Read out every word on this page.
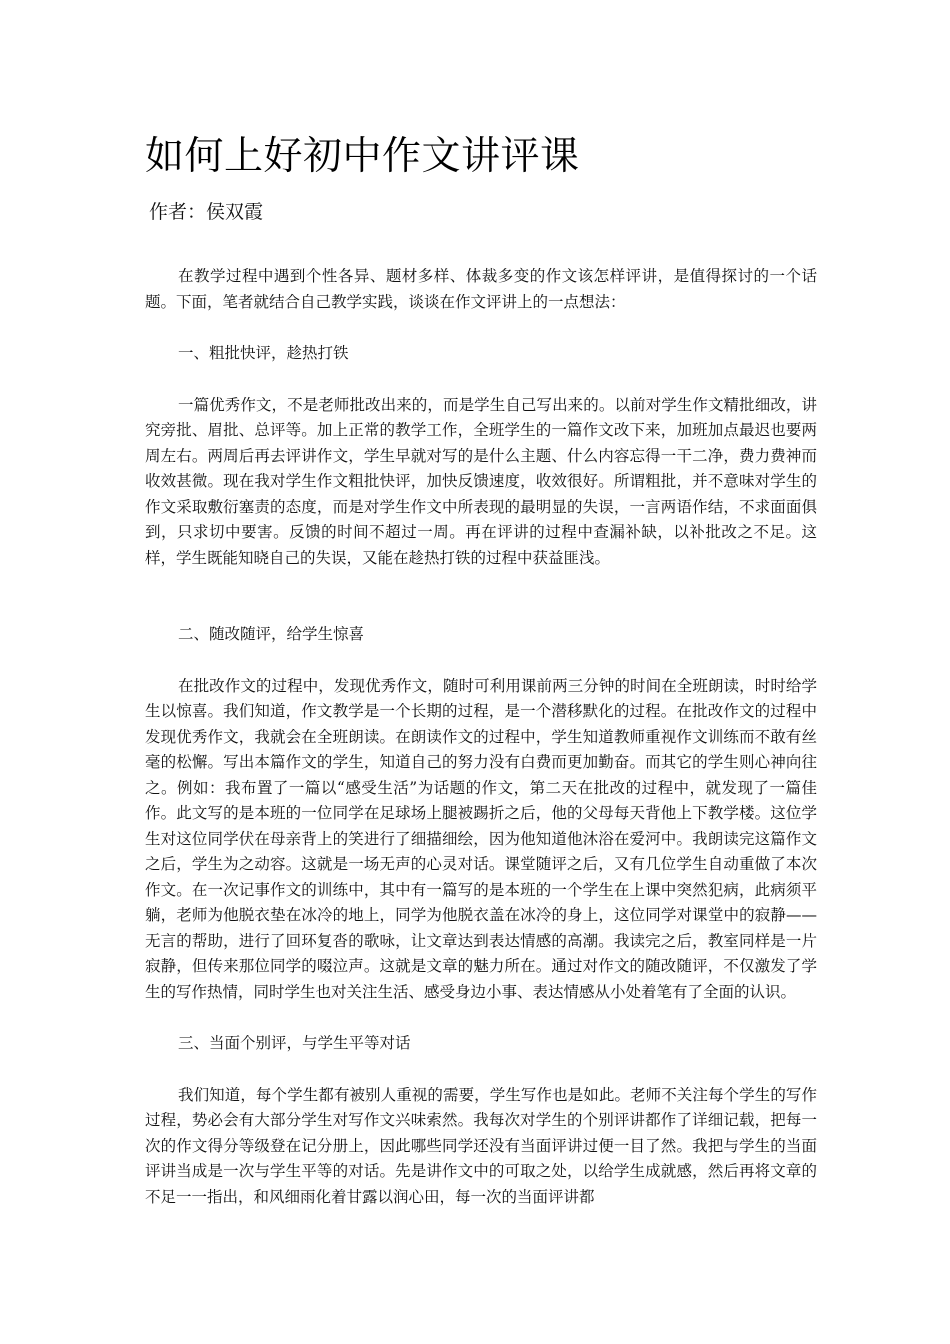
如何上好初中作文讲评课

作者：侯双霞

在教学过程中遇到个性各异、题材多样、体裁多变的作文该怎样评讲，是值得探讨的一个话题。下面，笔者就结合自己教学实践，谈谈在作文评讲上的一点想法：

一、粗批快评，趁热打铁

一篇优秀作文，不是老师批改出来的，而是学生自己写出来的。以前对学生作文精批细改，讲究旁批、眉批、总评等。加上正常的教学工作，全班学生的一篇作文改下来，加班加点最迟也要两周左右。两周后再去评讲作文，学生早就对写的是什么主题、什么内容忘得一干二净，费力费神而收效甚微。现在我对学生作文粗批快评，加快反馈速度，收效很好。所谓粗批，并不意味对学生的作文采取敷衍塞责的态度，而是对学生作文中所表现的最明显的失误，一言两语作结，不求面面俱到，只求切中要害。反馈的时间不超过一周。再在评讲的过程中查漏补缺，以补批改之不足。这样，学生既能知晓自己的失误，又能在趁热打铁的过程中获益匪浅。

二、随改随评，给学生惊喜

在批改作文的过程中，发现优秀作文，随时可利用课前两三分钟的时间在全班朗读，时时给学生以惊喜。我们知道，作文教学是一个长期的过程，是一个潜移默化的过程。在批改作文的过程中发现优秀作文，我就会在全班朗读。在朗读作文的过程中，学生知道教师重视作文训练而不敢有丝毫的松懈。写出本篇作文的学生，知道自己的努力没有白费而更加勤奋。而其它的学生则心神向往之。例如：我布置了一篇以“感受生活”为话题的作文，第二天在批改的过程中，就发现了一篇佳作。此文写的是本班的一位同学在足球场上腿被踢折之后，他的父母每天背他上下教学楼。这位学生对这位同学伏在母亲背上的笑进行了细描细绘，因为他知道他沐浴在爱河中。我朗读完这篇作文之后，学生为之动容。这就是一场无声的心灵对话。课堂随评之后，又有几位学生自动重做了本次作文。在一次记事作文的训练中，其中有一篇写的是本班的一个学生在上课中突然犯病，此病须平躺，老师为他脱衣垫在冰冷的地上，同学为他脱衣盖在冰冷的身上，这位同学对课堂中的寂静——无言的帮助，进行了回环复沓的歌咏，让文章达到表达情感的高潮。我读完之后，教室同样是一片寂静，但传来那位同学的啜泣声。这就是文章的魅力所在。通过对作文的随改随评，不仅激发了学生的写作热情，同时学生也对关注生活、感受身边小事、表达情感从小处着笔有了全面的认识。

三、当面个别评，与学生平等对话

我们知道，每个学生都有被别人重视的需要，学生写作也是如此。老师不关注每个学生的写作过程，势必会有大部分学生对写作文兴味索然。我每次对学生的个别评讲都作了详细记载，把每一次的作文得分等级登在记分册上，因此哪些同学还没有当面评讲过便一目了然。我把与学生的当面评讲当成是一次与学生平等的对话。先是讲作文中的可取之处，以给学生成就感，然后再将文章的不足一一指出，和风细雨化着甘露以润心田，每一次的当面评讲都
